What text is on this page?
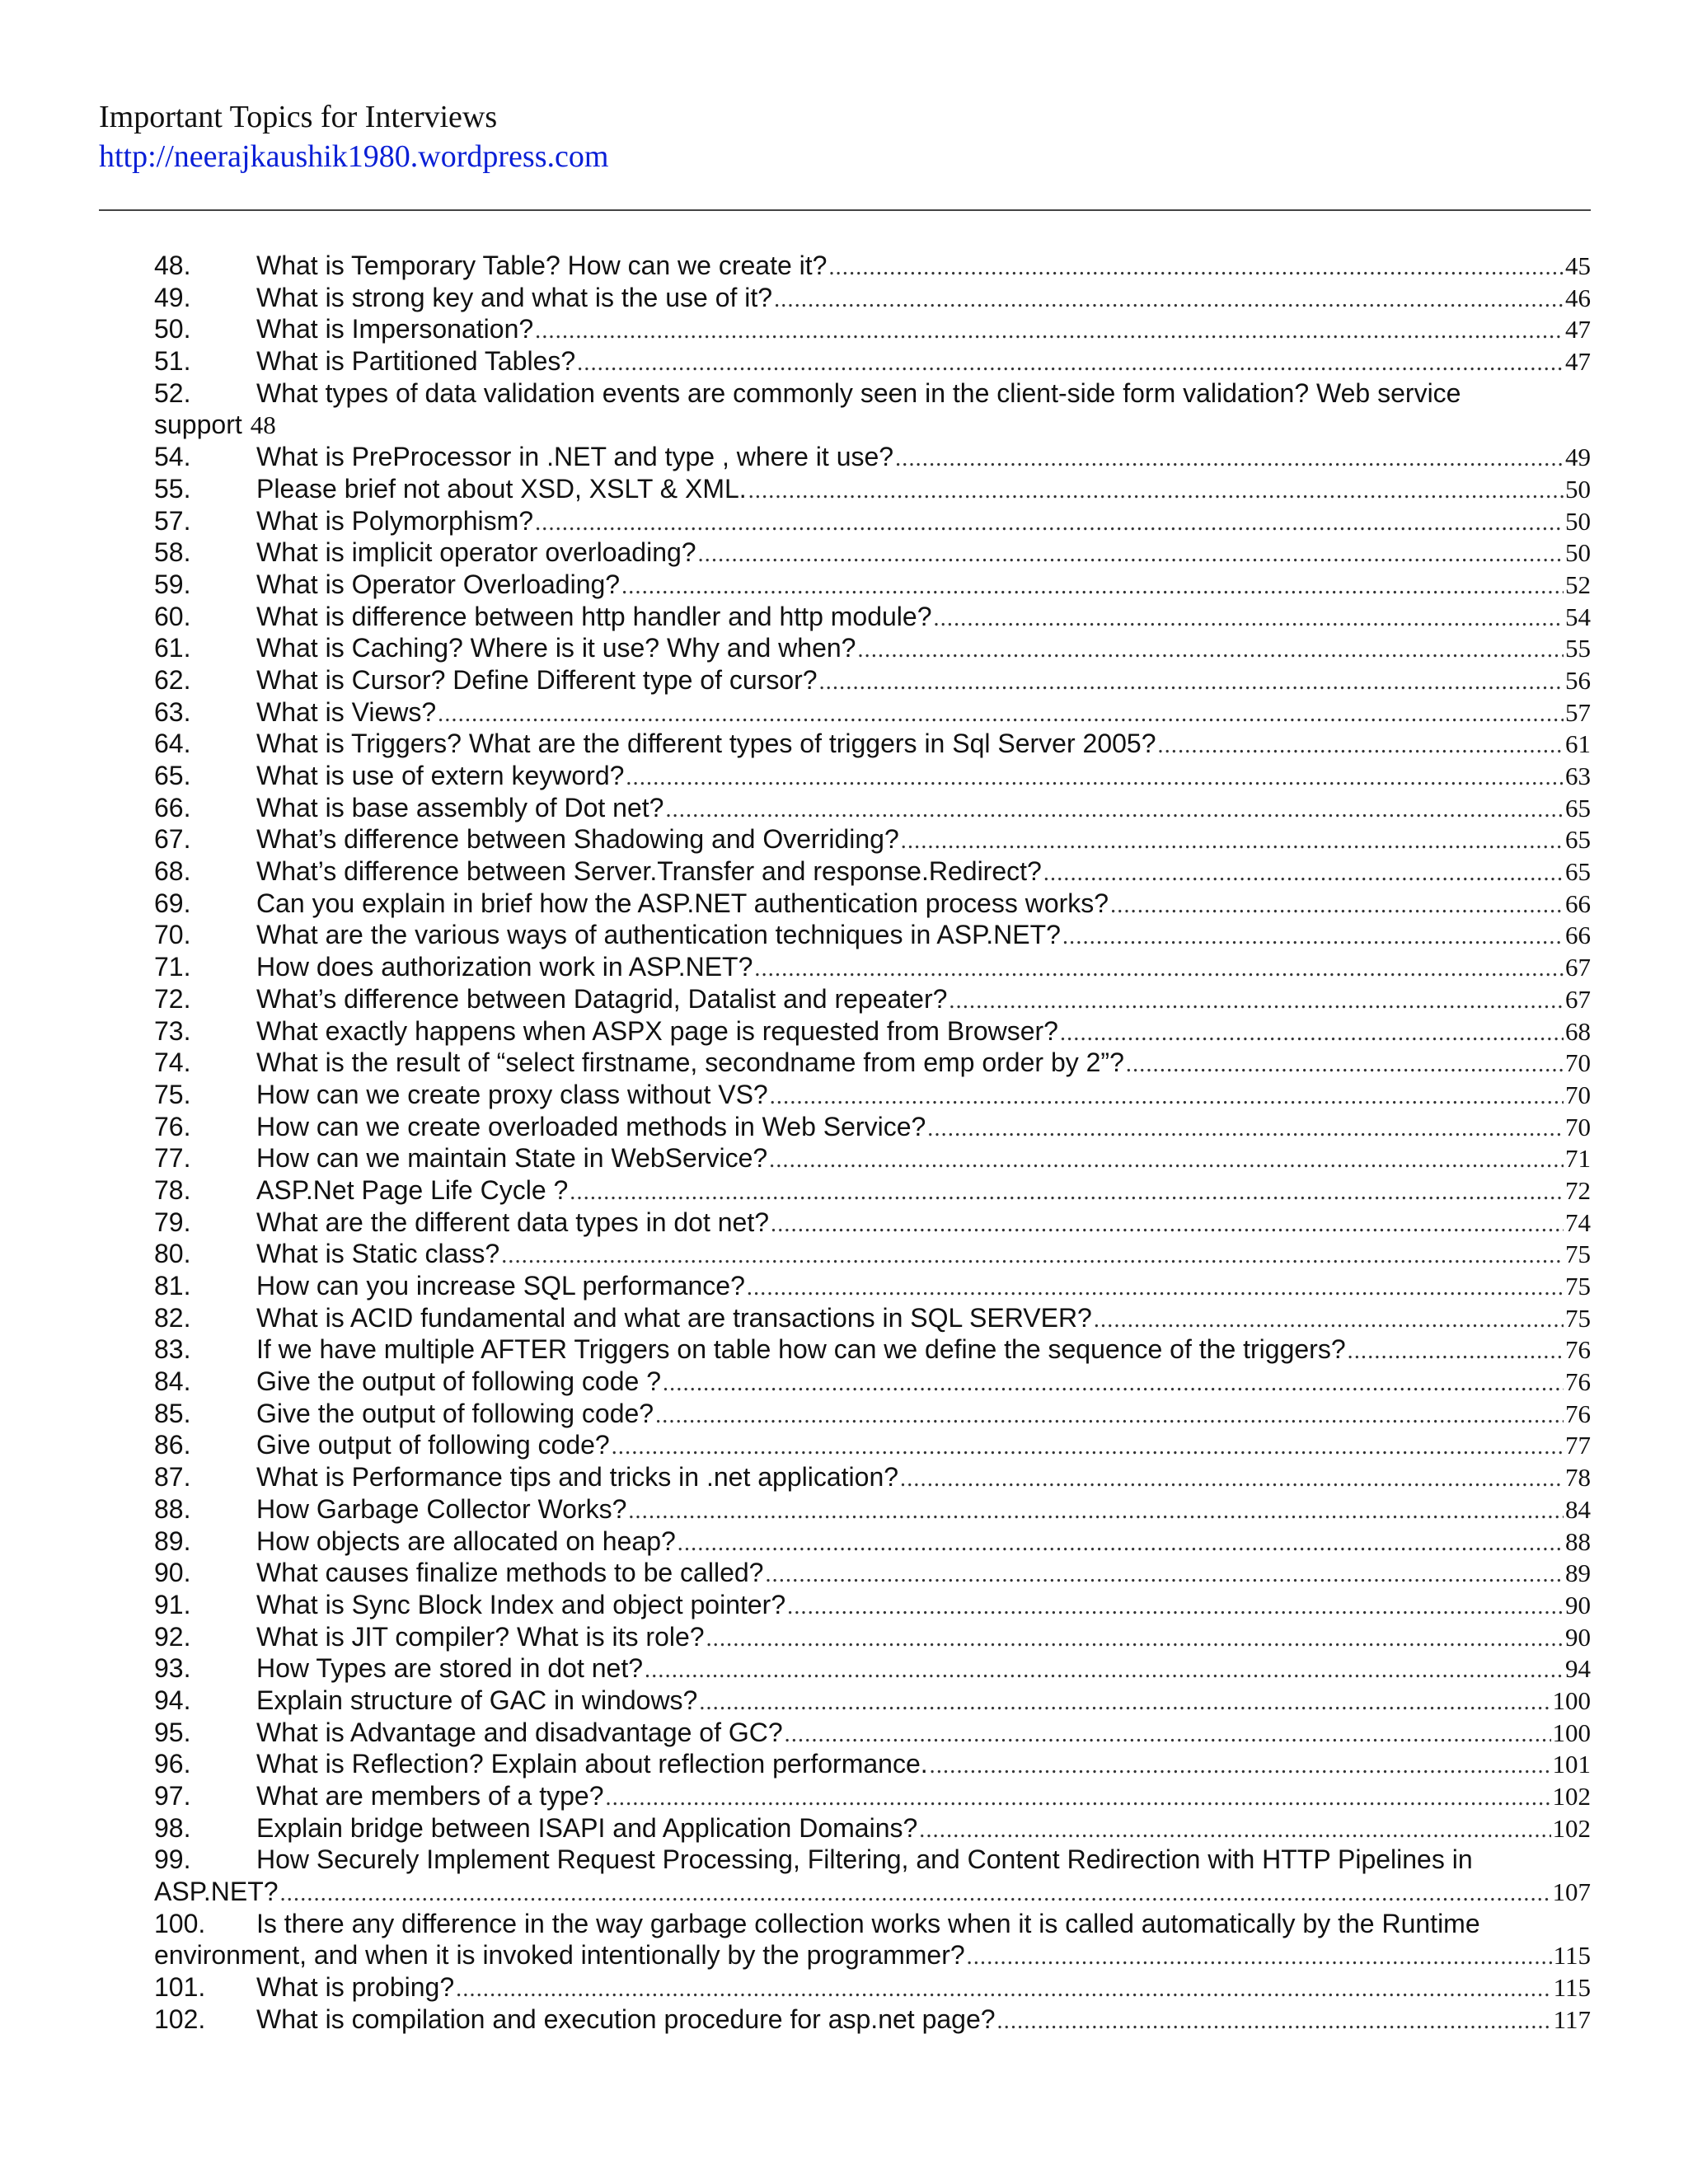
Important Topics for Interviews
http://neerajkaushik1980.wordpress.com
48.	What is Temporary Table? How can we create it? .....	45
49.	What is strong key and what is the use of it? .....	46
50.	What is Impersonation? .....	47
51.	What is Partitioned Tables? .....	47
52.	What types of data validation events are commonly seen in the client-side form validation? Web service
support 48
54.	What is PreProcessor in .NET and type , where it use? .....	49
55.	Please brief not about XSD, XSLT & XML. .....	50
57.	What is Polymorphism? .....	50
58.	What is implicit operator overloading? .....	50
59.	What is Operator Overloading? .....	52
60.	What is difference between http handler and http module? .....	54
61.	What is Caching? Where is it use? Why and when? .....	55
62.	What is Cursor? Define Different type of cursor? .....	56
63.	What is Views? .....	57
64.	What is Triggers? What are the different types of triggers in Sql Server 2005? .....	61
65.	What is use of extern keyword? .....	63
66.	What is base assembly of Dot net? .....	65
67.	What’s difference between Shadowing and Overriding? .....	65
68.	What’s difference between Server.Transfer and response.Redirect? .....	65
69.	Can you explain in brief how the ASP.NET authentication process works? .....	66
70.	What are the various ways of authentication techniques in ASP.NET? .....	66
71.	How does authorization work in ASP.NET? .....	67
72.	What’s difference between Datagrid, Datalist and repeater? .....	67
73.	What exactly happens when ASPX page is requested from Browser? .....	68
74.	What is the result of “select firstname, secondname from emp order by 2”? .....	70
75.	How can we create proxy class without VS? .....	70
76.	How can we create overloaded methods in Web Service? .....	70
77.	How can we maintain State in WebService? .....	71
78.	ASP.Net Page Life Cycle ? .....	72
79.	What are the different data types in dot net? .....	74
80.	What is Static class? .....	75
81.	How can you increase SQL performance? .....	75
82.	What is ACID fundamental and what are transactions in SQL SERVER? .....	75
83.	If we have multiple AFTER Triggers on table how can we define the sequence of the triggers? .....	76
84.	Give the output of following code ? .....	76
85.	Give the output of following code? .....	76
86.	Give output of following code? .....	77
87.	What is Performance tips and tricks in .net application? .....	78
88.	How Garbage Collector Works? .....	84
89.	How objects are allocated on heap? .....	88
90.	What causes finalize methods to be called? .....	89
91.	What is Sync Block Index and object pointer? .....	90
92.	What is JIT compiler? What is its role? .....	90
93.	How Types are stored in dot net? .....	94
94.	Explain structure of GAC in windows? .....	100
95.	What is Advantage and disadvantage of GC? .....	100
96.	What is Reflection? Explain about reflection performance. .....	101
97.	What are members of a type? .....	102
98.	Explain bridge between ISAPI and Application Domains? .....	102
99.	How Securely Implement Request Processing, Filtering, and Content Redirection with HTTP Pipelines in
ASP.NET? .....	107
100.	Is there any difference in the way garbage collection works when it is called automatically by the Runtime
environment, and when it is invoked intentionally by the programmer? .....	115
101.	What is probing? .....	115
102.	What is compilation and execution procedure for asp.net page? .....	117
